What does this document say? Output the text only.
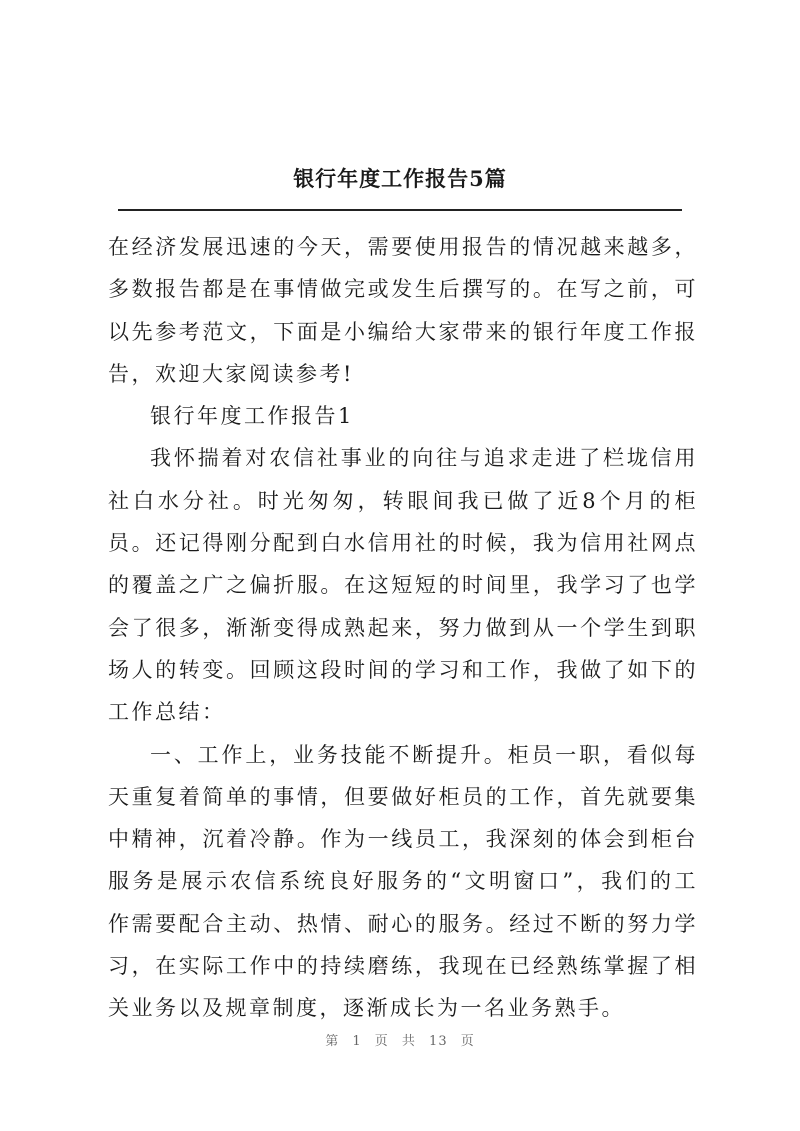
银行年度工作报告5篇

在经济发展迅速的今天，需要使用报告的情况越来越多，多数报告都是在事情做完或发生后撰写的。在写之前，可以先参考范文，下面是小编给大家带来的银行年度工作报告，欢迎大家阅读参考!

银行年度工作报告1

我怀揣着对农信社事业的向往与追求走进了栏垅信用社白水分社。时光匆匆，转眼间我已做了近8个月的柜员。还记得刚分配到白水信用社的时候，我为信用社网点的覆盖之广之偏折服。在这短短的时间里，我学习了也学会了很多，渐渐变得成熟起来，努力做到从一个学生到职场人的转变。回顾这段时间的学习和工作，我做了如下的工作总结：

一、工作上，业务技能不断提升。柜员一职，看似每天重复着简单的事情，但要做好柜员的工作，首先就要集中精神，沉着冷静。作为一线员工，我深刻的体会到柜台服务是展示农信系统良好服务的“文明窗口”，我们的工作需要配合主动、热情、耐心的服务。经过不断的努力学习，在实际工作中的持续磨练，我现在已经熟练掌握了相关业务以及规章制度，逐渐成长为一名业务熟手。

第 1 页 共 13 页
